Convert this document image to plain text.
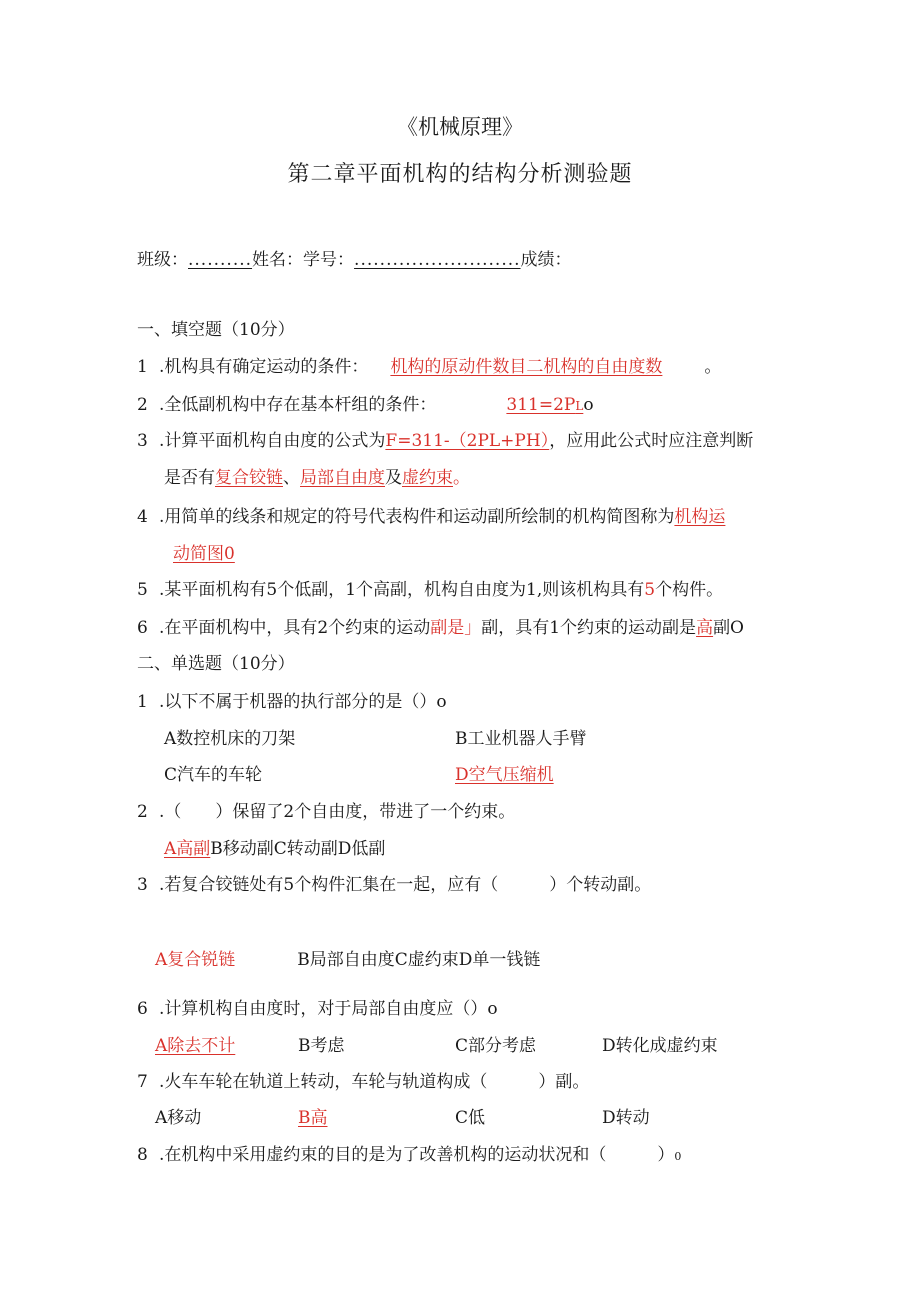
《机械原理》
第二章平面机构的结构分析测验题
班级：..........姓名：学号：..........................成绩：
一、填空题（10分）
1 .机构具有确定运动的条件： 机构的原动件数目二机构的自由度数 。
2 .全低副机构中存在基本杆组的条件：	311=2PLo
3 .计算平面机构自由度的公式为F=311-（2PL+PH），应用此公式时应注意判断
是否有复合铰链、局部自由度及虚约束。
4 .用简单的线条和规定的符号代表构件和运动副所绘制的机构简图称为机构运
动简图0
5 .某平面机构有5个低副，1个高副，机构自由度为1,则该机构具有5个构件。
6 .在平面机构中，具有2个约束的运动副是」副，具有1个约束的运动副是高副O
二、单选题（10分）
1 .以下不属于机器的执行部分的是（）o
A数控机床的刀架	B工业机器人手臂
C汽车的车轮	D空气压缩机
2 .（　　）保留了2个自由度，带进了一个约束。
A高副B移动副C转动副D低副
3 .若复合铰链处有5个构件汇集在一起，应有（　　　）个转动副。
A复合锐链	B局部自由度C虚约束D单一钱链
6 .计算机构自由度时，对于局部自由度应（）o
A除去不计	B考虑	C部分考虑	D转化成虚约束
7 .火车车轮在轨道上转动，车轮与轨道构成（　　　）副。
A移动	B高	C低	D转动
8 .在机构中采用虚约束的目的是为了改善机构的运动状况和（　　　）0
